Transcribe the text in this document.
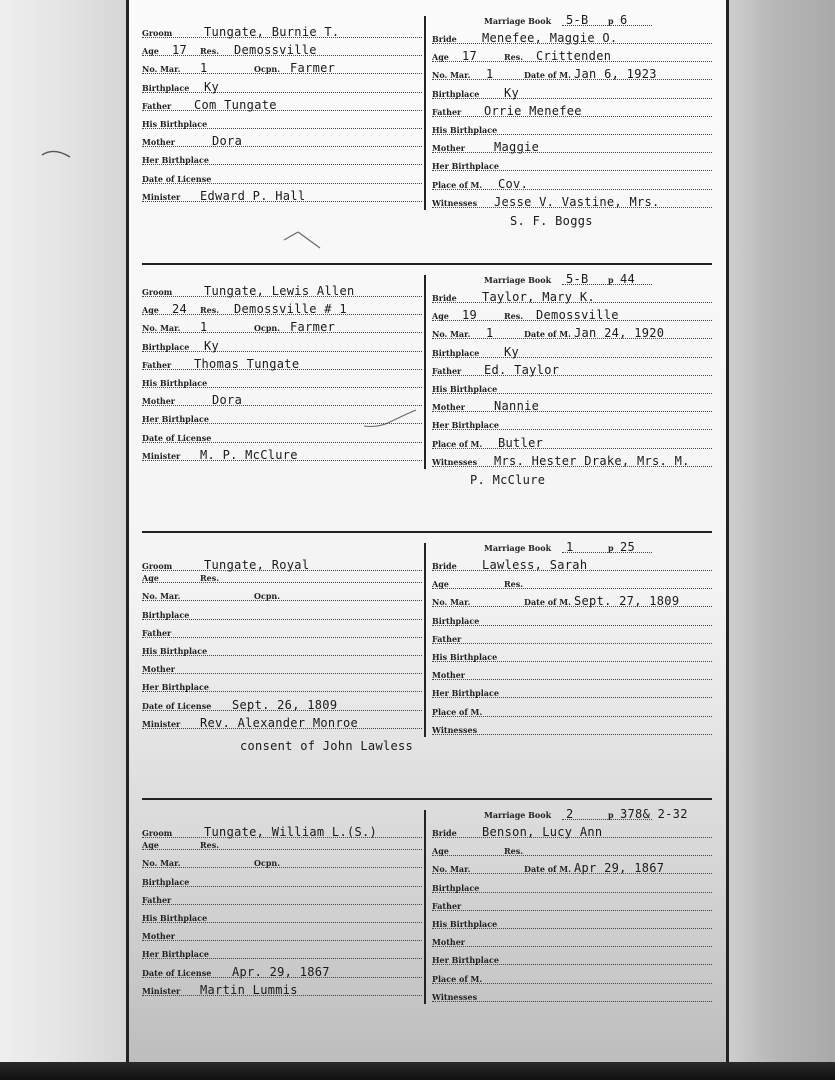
Groom	Tungate, Burnie T.
Age 17 Res. Demossville
No. Mar. 1	Ocpn. Farmer
Birthplace Ky
Father Com Tungate
His Birthplace
Mother	Dora
Her Birthplace
Date of License
Minister Edward P. Hall
Marriage Book 5-B p 6
Bride Menefee, Maggie O.
Age 17	Res. Crittenden
No. Mar. 1	Date of M. Jan 6, 1923
Birthplace Ky
Father Orrie Menefee
His Birthplace
Mother Maggie
Her Birthplace
Place of M. Cov.
Witnesses Jesse V. Vastine, Mrs.
S. F. Boggs
Groom	Tungate, Lewis Allen
Age 24 Res. Demossville # 1
No. Mar. 1	Ocpn. Farmer
Birthplace Ky
Father Thomas Tungate
His Birthplace
Mother	Dora
Her Birthplace
Date of License
Minister M. P. McClure
Marriage Book 5-B p 44
Bride Taylor, Mary K.
Age 19	Res. Demossville
No. Mar. 1	Date of M. Jan 24, 1920
Birthplace Ky
Father Ed. Taylor
His Birthplace
Mother Nannie
Her Birthplace
Place of M. Butler
Witnesses Mrs. Hester Drake, Mrs. M.
P. McClure
Groom	Tungate, Royal
Age	Res.
No. Mar.	Ocpn.
Birthplace
Father
His Birthplace
Mother
Her Birthplace
Date of License Sept. 26, 1809
Minister Rev. Alexander Monroe
Marriage Book 1	p 25
Bride Lawless, Sarah
Age	Res.
No. Mar.	Date of M. Sept. 27, 1809
Birthplace
Father
His Birthplace
Mother
Her Birthplace
Place of M.
Witnesses
consent of John Lawless
Groom	Tungate, William L.(S.)
Age	Res.
No. Mar.	Ocpn.
Birthplace
Father
His Birthplace
Mother
Her Birthplace
Date of License Apr. 29, 1867
Minister Martin Lummis
Marriage Book 2	p 378& 2-32
Bride Benson, Lucy Ann
Age	Res.
No. Mar.	Date of M. Apr 29, 1867
Birthplace
Father
His Birthplace
Mother
Her Birthplace
Place of M.
Witnesses
